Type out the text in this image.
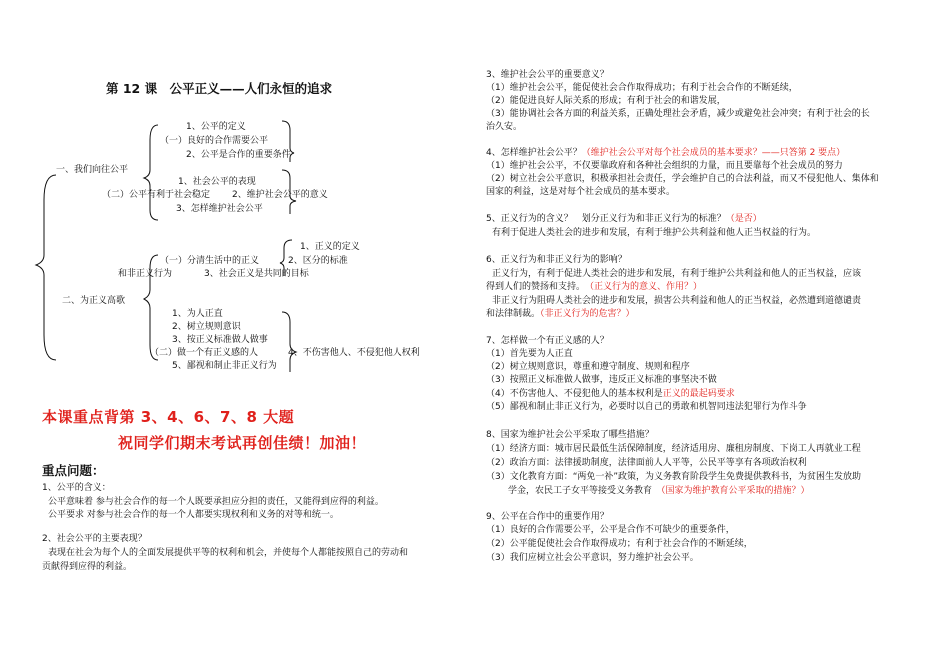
第 12 课　公平正义——人们永恒的追求
一、我们向往公平
1、公平的定义
（一）良好的合作需要公平
2、公平是合作的重要条件
1、社会公平的表现
（二）公平有利于社会稳定 2、维护社会公平的意义
3、怎样维护社会公平
1、正义的定义
（一）分清生活中的正义	2、区分的标准
和非正义行为	3、社会正义是共同的目标
二、为正义高歌
1、为人正直
2、树立规则意识
3、按正义标准做人做事
（二）做一个有正义感的人	4、不伤害他人、不侵犯他人权利
5、鄙视和制止非正义行为
本课重点背第 3、4、6、7、8 大题
祝同学们期末考试再创佳绩！加油！
重点问题：
1、公平的含义：
公平意味着 参与社会合作的每一个人既要承担应分担的责任，又能得到应得的利益。
公平要求 对参与社会合作的每一个人都要实现权利和义务的对等和统一。
2、社会公平的主要表现？
表现在社会为每个人的全面发展提供平等的权利和机会，并使每个人都能按照自己的劳动和
贡献得到应得的利益。
3、维护社会公平的重要意义？
（1）维护社会公平，能促使社会合作取得成功；有利于社会合作的不断延续，
（2）能促进良好人际关系的形成；有利于社会的和谐发展，
（3）能协调社会各方面的利益关系，正确处理社会矛盾，减少或避免社会冲突；有利于社会的长
治久安。
4、怎样维护社会公平？（维护社会公平对每个社会成员的基本要求？——只答第 2 要点）
（1）维护社会公平，不仅要靠政府和各种社会组织的力量，而且要靠每个社会成员的努力
（2）树立社会公平意识，积极承担社会责任，学会维护自己的合法利益，而又不侵犯他人、集体和
国家的利益，这是对每个社会成员的基本要求。
5、正义行为的含义？　划分正义行为和非正义行为的标准？（是否）
有利于促进人类社会的进步和发展，有利于维护公共利益和他人正当权益的行为。
6、正义行为和非正义行为的影响？
正义行为，有利于促进人类社会的进步和发展，有利于维护公共利益和他人的正当权益，应该
得到人们的赞扬和支持。　 （正义行为的意义、作用？）
非正义行为阻碍人类社会的进步和发展，损害公共利益和他人的正当权益，必然遭到道德谴责
和法律制裁。（非正义行为的危害？）
7、怎样做一个有正义感的人？
（1）首先要为人正直
（2）树立规则意识，尊重和遵守制度、规则和程序
（3）按照正义标准做人做事，违反正义标准的事坚决不做
（4）不伤害他人、不侵犯他人的基本权利是正义的最起码要求
（5）鄙视和制止非正义行为，必要时以自己的勇敢和机智同违法犯罪行为作斗争
8、国家为维护社会公平采取了哪些措施？
（1）经济方面：城市居民最低生活保障制度，经济适用房、廉租房制度、下岗工人再就业工程
（2）政治方面：法律援助制度，法律面前人人平等，公民平等享有各项政治权利
（3）文化教育方面：“两免一补”政策，为义务教育阶段学生免费提供教科书，为贫困生发放助
学金，农民工子女平等接受义务教育　 （国家为维护教育公平采取的措施？）
9、公平在合作中的重要作用？
（1）良好的合作需要公平，公平是合作不可缺少的重要条件，
（2）公平能促使社会合作取得成功；有利于社会合作的不断延续，
（3）我们应树立社会公平意识，努力维护社会公平。
